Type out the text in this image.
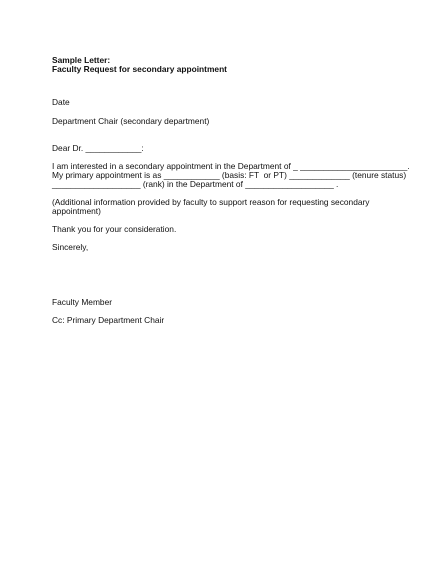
Sample Letter:

Faculty Request for secondary appointment

Date

Department Chair (secondary department)

Dear Dr. ____________:

I am interested in a secondary appointment in the Department of _ _______________________.

My primary appointment is as ____________ (basis: FT  or PT) _____________ (tenure status)

___________________ (rank) in the Department of ___________________ .

(Additional information provided by faculty to support reason for requesting secondary

appointment)

Thank you for your consideration.

Sincerely,

Faculty Member

Cc: Primary Department Chair
